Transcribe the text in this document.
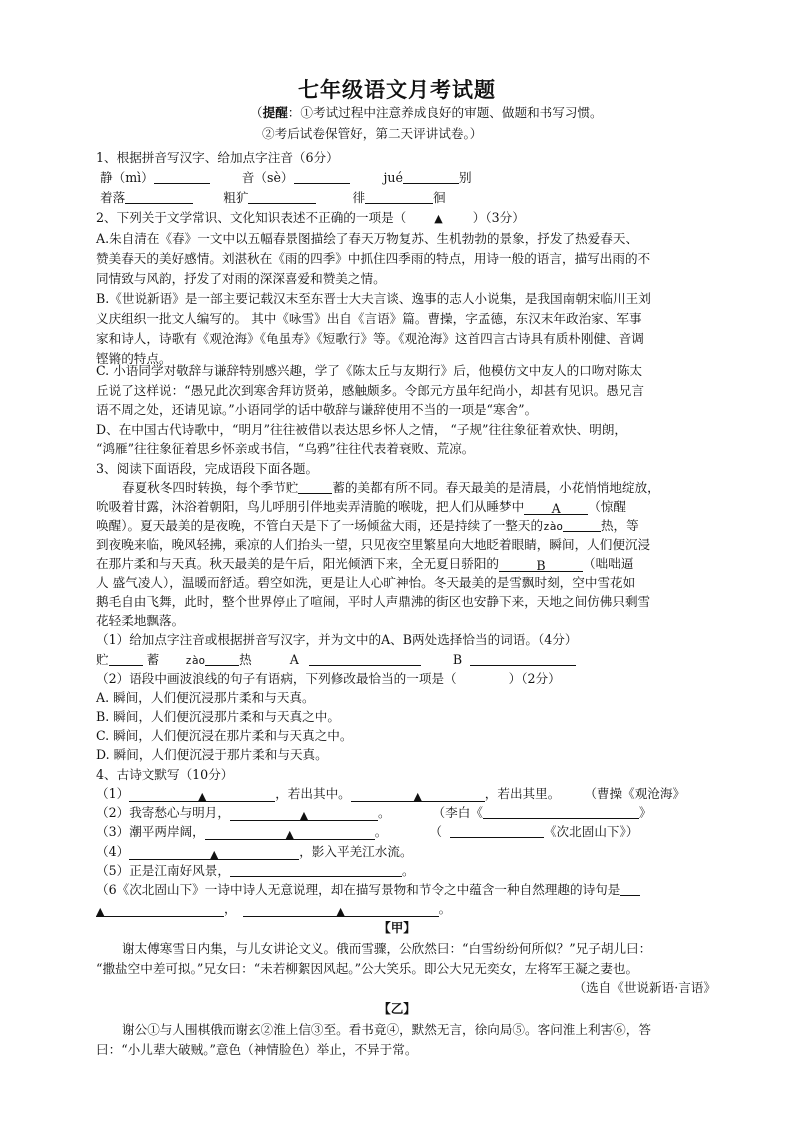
七年级语文月考试题
（提醒：①考试过程中注意养成良好的审题、做题和书写习惯。
②考后试卷保管好，第二天评讲试卷。）
1、根据拼音写汉字、给加点字注音（6分）
静（mì）	音（sè）	jué	别
着落	粗犷	徘	徊
2、下列关于文学常识、文化知识表述不正确的一项是（	▲ ）（3分）
A.朱自清在《春》一文中以五幅春景图描绘了春天万物复苏、生机勃勃的景象，抒发了热爱春天、
赞美春天的美好感情。刘湛秋在《雨的四季》中抓住四季雨的特点，用诗一般的语言，描写出雨的不
同情致与风韵，抒发了对雨的深深喜爱和赞美之情。
B.《世说新语》是一部主要记载汉末至东晋士大夫言谈、逸事的志人小说集，是我国南朝宋临川王刘
义庆组织一批文人编写的。 其中《咏雪》出自《言语》篇。曹操，字孟德，东汉末年政治家、军事
家和诗人，诗歌有《观沧海》《龟虽寿》《短歌行》等。《观沧海》这首四言古诗具有质朴刚健、音调
铿锵的特点。
C. 小语同学对敬辞与谦辞特别感兴趣，学了《陈太丘与友期行》后，他模仿文中友人的口吻对陈太
丘说了这样说：“愚兄此次到寒舍拜访贤弟，感触颇多。令郎元方虽年纪尚小，却甚有见识。愚兄言
语不周之处，还请见谅。”小语同学的话中敬辞与谦辞使用不当的一项是“寒舍”。
D、在中国古代诗歌中，“明月”往往被借以表达思乡怀人之情， “子规”往往象征着欢快、明朗，
“鸿雁”往往象征着思乡怀亲或书信，“乌鸦”往往代表着衰败、荒凉。
3、阅读下面语段，完成语段下面各题。
春夏秋冬四时转换，每个季节贮	蓄的美都有所不同。春天最美的是清晨，小花悄悄地绽放，
吮吸着甘露，沐浴着朝阳，鸟儿呼朋引伴地卖弄清脆的喉咙，把人们从睡梦中 A （惊醒
唤醒）。夏天最美的是夜晚，不管白天是下了一场倾盆大雨，还是持续了一整天的zào	热，等
到夜晚来临，晚风轻拂，乘凉的人们抬头一望，只见夜空里繁星向大地眨着眼睛，瞬间，人们便沉浸
在那片柔和与天真。秋天最美的是午后，阳光倾洒下来，全无夏日骄阳的	B	（咄咄逼
人 盛气凌人），温暖而舒适。碧空如洗，更是让人心旷神怡。冬天最美的是雪飘时刻，空中雪花如
鹅毛自由飞舞，此时，整个世界停止了喧闹，平时人声鼎沸的街区也安静下来，天地之间仿佛只剩雪
花轻柔地飘落。
（1）给加点字注音或根据拼音写汉字，并为文中的A、B两处选择恰当的词语。（4分）
贮	蓄 zào	热	A	B
（2）语段中画波浪线的句子有语病，下列修改最恰当的一项是（	）（2分）
A. 瞬间，人们便沉浸那片柔和与天真。
B. 瞬间，人们便沉浸那片柔和与天真之中。
C. 瞬间，人们便沉浸在那片柔和与天真之中。
D. 瞬间，人们便沉浸于那片柔和与天真。
4、古诗文默写（10分）
（1）	▲	，若出其中。	▲	，若出其里。 （曹操《观沧海》
（2）我寄愁心与明月，	▲	。	（李白《	》
（3）潮平两岸阔，	▲	。	（	《次北固山下》）
（4）	▲	，影入平羌江水流。
（5）正是江南好风景，	。
（6《次北固山下》一诗中诗人无意说理，却在描写景物和节令之中蕴含一种自然理趣的诗句是
▲	，	▲	。
【甲】
谢太傅寒雪日内集，与儿女讲论文义。俄而雪骤，公欣然曰：“白雪纷纷何所似？”兄子胡儿曰：
“撒盐空中差可拟。”兄女曰：“未若柳絮因风起。”公大笑乐。即公大兄无奕女，左将军王凝之妻也。
（选自《世说新语·言语》
【乙】
谢公①与人围棋俄而谢玄②淮上信③至。看书竟④，默然无言，徐向局⑤。客问淮上利害⑥，答
曰：“小儿辈大破贼。”意色（神情脸色）举止，不异于常。
